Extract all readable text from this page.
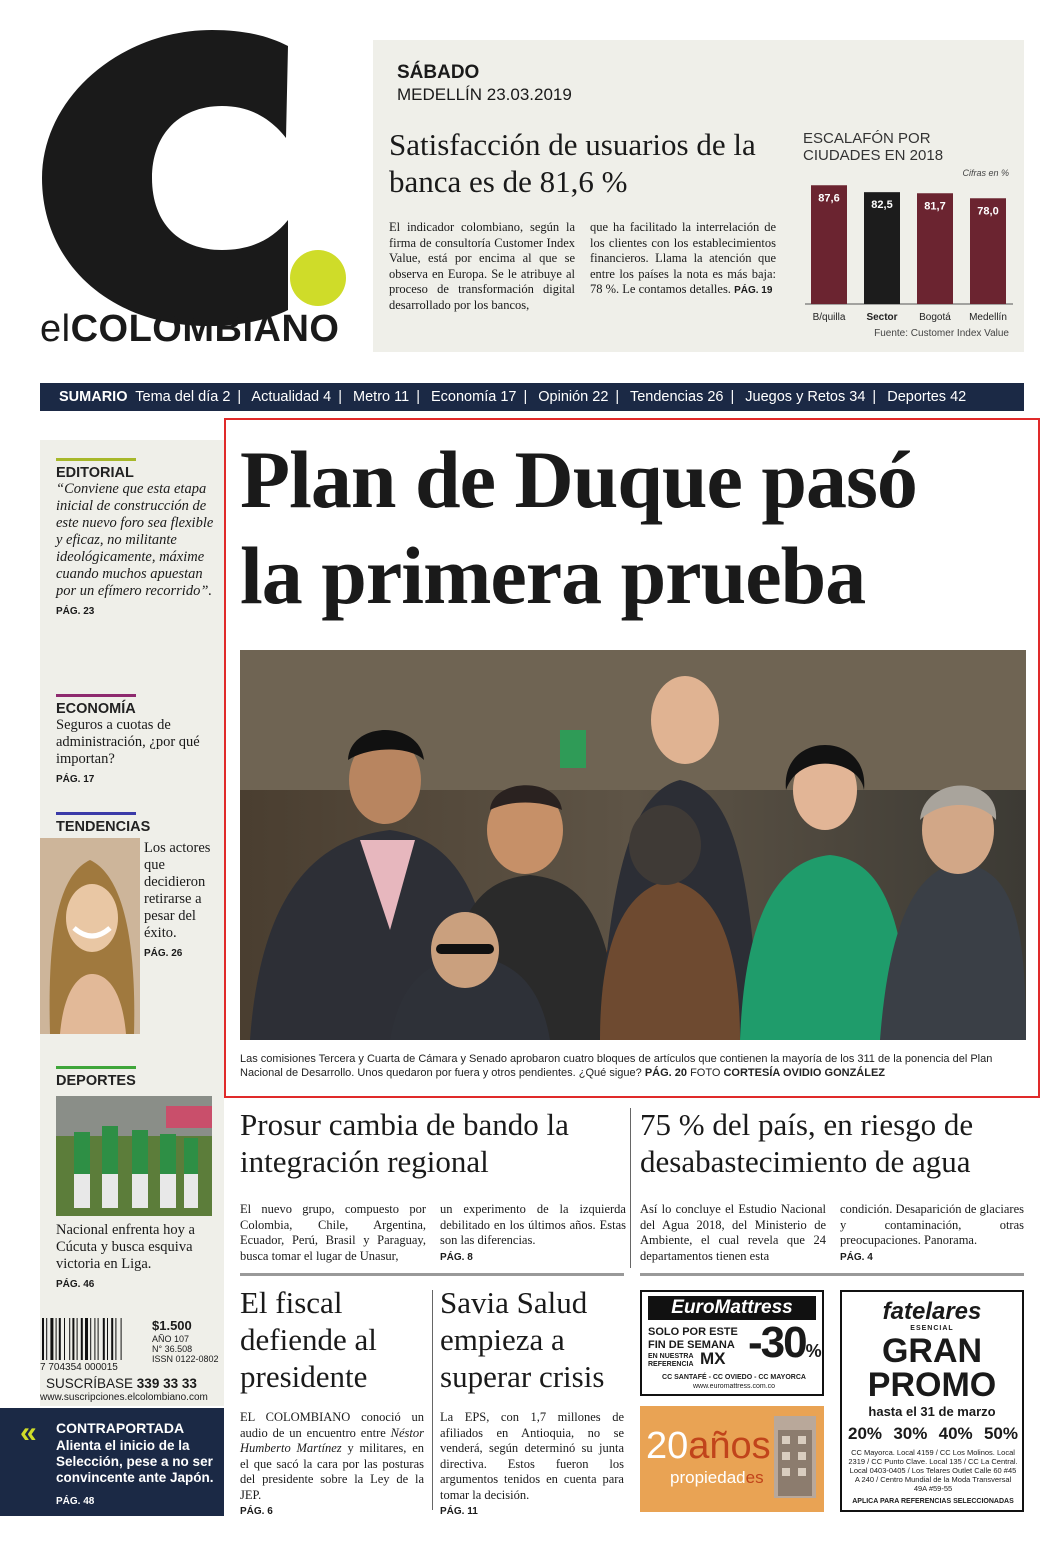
elCOLOMBIANO
SÁBADO
MEDELLÍN 23.03.2019
Satisfacción de usuarios de la banca es de 81,6 %
El indicador colombiano, según la firma de consultoría Customer Index Value, está por encima al que se observa en Europa. Se le atribuye al proceso de transformación digital desarrollado por los bancos,
que ha facilitado la interrelación de los clientes con los establecimientos financieros. Llama la atención que entre los países la nota es más baja: 78 %. Le contamos detalles. PÁG. 19
ESCALAFÓN POR CIUDADES EN 2018
Cifras en %
87,6
B/quilla
82,5
Sector
81,7
Bogotá
78,0
Medellín
Fuente: Customer Index Value
SUMARIO Tema del día 2 | Actualidad 4 | Metro 11 | Economía 17 | Opinión 22 | Tendencias 26 | Juegos y Retos 34 | Deportes 42
EDITORIAL
“Conviene que esta etapa inicial de construcción de este nuevo foro sea flexible y eficaz, no militante ideológicamente, máxime cuando muchos apuestan por un efímero recorrido”.
PÁG. 23
ECONOMÍA
Seguros a cuotas de administración, ¿por qué importan?
PÁG. 17
TENDENCIAS
Los actores que decidieron retirarse a pesar del éxito.
PÁG. 26
DEPORTES
Nacional enfrenta hoy a Cúcuta y busca esquiva victoria en Liga.
PÁG. 46
7 704354 000015
$1.500
AÑO 107
N° 36.508
ISSN 0122-0802
SUSCRÍBASE 339 33 33
www.suscripciones.elcolombiano.com
« CONTRAPORTADA
Alienta el inicio de la Selección, pese a no ser convincente ante Japón.
PÁG. 48
Plan de Duque pasó
la primera prueba
Las comisiones Tercera y Cuarta de Cámara y Senado aprobaron cuatro bloques de artículos que contienen la mayoría de los 311 de la ponencia del Plan Nacional de Desarrollo. Unos quedaron por fuera y otros pendientes. ¿Qué sigue? PÁG. 20 FOTO CORTESÍA OVIDIO GONZÁLEZ
Prosur cambia de bando la integración regional
El nuevo grupo, compuesto por Colombia, Chile, Argentina, Ecuador, Perú, Brasil y Paraguay, busca tomar el lugar de Unasur,
un experimento de la izquierda debilitado en los últimos años. Estas son las diferencias.
PÁG. 8
75 % del país, en riesgo de desabastecimiento de agua
Así lo concluye el Estudio Nacional del Agua 2018, del Ministerio de Ambiente, el cual revela que 24 departamentos tienen esta
condición. Desaparición de glaciares y contaminación, otras preocupaciones. Panorama.
PÁG. 4
El fiscal defiende al presidente
EL COLOMBIANO conoció un audio de un encuentro entre Néstor Humberto Martínez y militares, en el que sacó la cara por las posturas del presidente sobre la Ley de la JEP.
PÁG. 6
Savia Salud empieza a superar crisis
La EPS, con 1,7 millones de afiliados en Antioquia, no se venderá, según determinó su junta directiva. Estos fueron los argumentos tenidos en cuenta para tomar la decisión.
PÁG. 11
EuroMattress
SOLO POR ESTE
FIN DE SEMANA
EN NUESTRA REFERENCIA MX -30%
CC SANTAFÉ - CC OVIEDO - CC MAYORCA
www.euromattress.com.co
20años
propiedades
fatelares
ESENCIAL
GRAN
PROMO
hasta el 31 de marzo
20% 30% 40% 50%
CC Mayorca. Local 4159 / CC Los Molinos. Local 2319 / CC Punto Clave. Local 135 / CC La Central. Local 0403-0405 / Los Telares Outlet Calle 60 #45 A 240 / Centro Mundial de la Moda Transversal 49A #59-55
APLICA PARA REFERENCIAS SELECCIONADAS
